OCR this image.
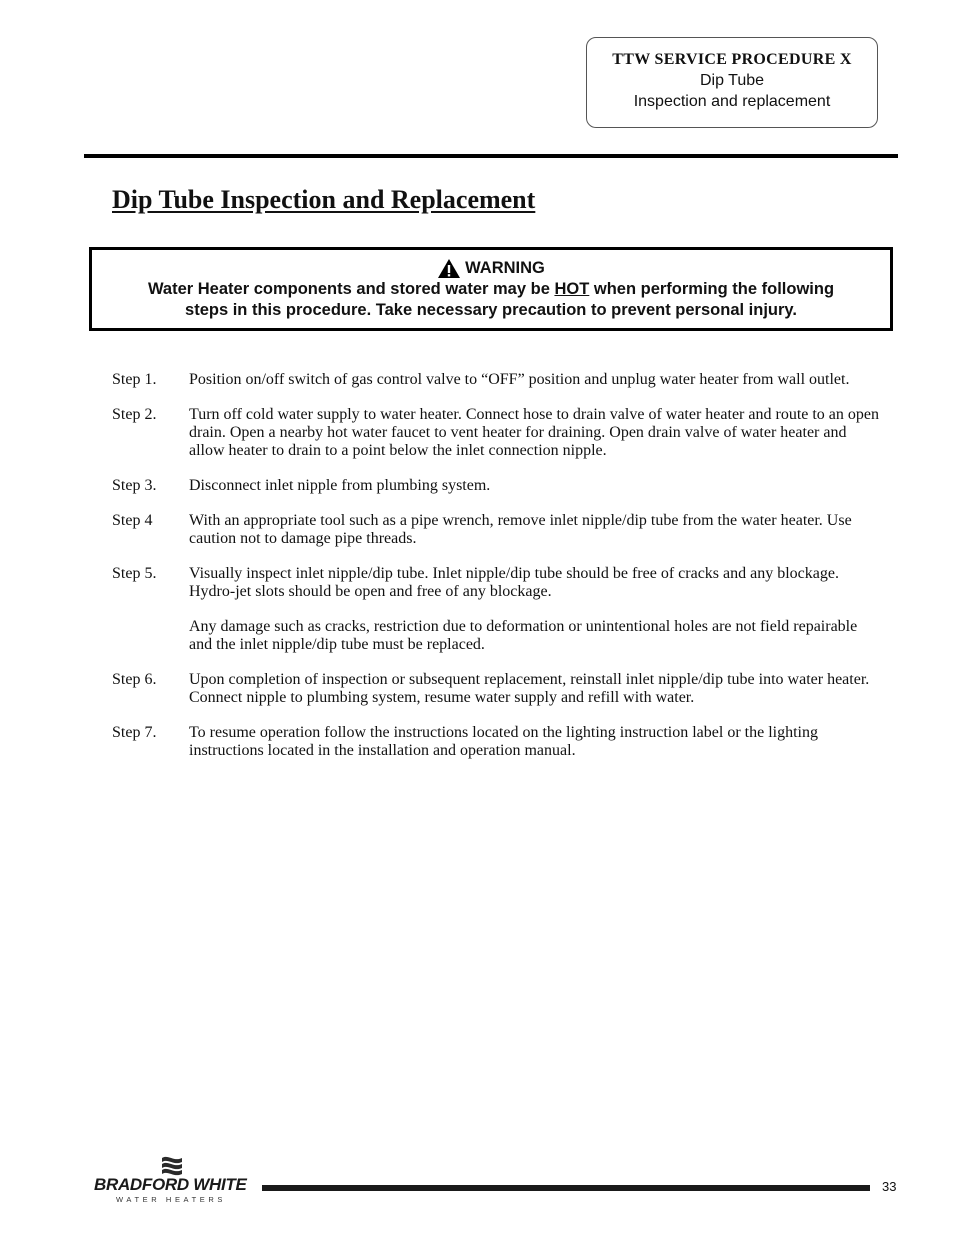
TTW SERVICE PROCEDURE X
Dip Tube
Inspection and replacement
Dip Tube Inspection and Replacement
WARNING
Water Heater components and stored water may be HOT when performing the following
steps in this procedure. Take necessary precaution to prevent personal injury.
Step 1.	Position on/off switch of gas control valve to “OFF” position and unplug water heater from wall outlet.

Step 2.	Turn off cold water supply to water heater. Connect hose to drain valve of water heater and route to an open drain. Open a nearby hot water faucet to vent heater for draining. Open drain valve of water heater and allow heater to drain to a point below the inlet connection nipple.

Step 3.	Disconnect inlet nipple from plumbing system.

Step 4	With an appropriate tool such as a pipe wrench, remove inlet nipple/dip tube from the water heater. Use caution not to damage pipe threads.

Step 5.	Visually inspect inlet nipple/dip tube. Inlet nipple/dip tube should be free of cracks and any blockage. Hydro-jet slots should be open and free of any blockage.

Any damage such as cracks, restriction due to deformation or unintentional holes are not field repairable and the inlet nipple/dip tube must be replaced.

Step 6.	Upon completion of inspection or subsequent replacement, reinstall inlet nipple/dip tube into water heater. Connect nipple to plumbing system, resume water supply and refill with water.

Step 7.	To resume operation follow the instructions located on the lighting instruction label or the lighting instructions located in the installation and operation manual.

BRADFORD WHITE
WATER HEATERS
33
